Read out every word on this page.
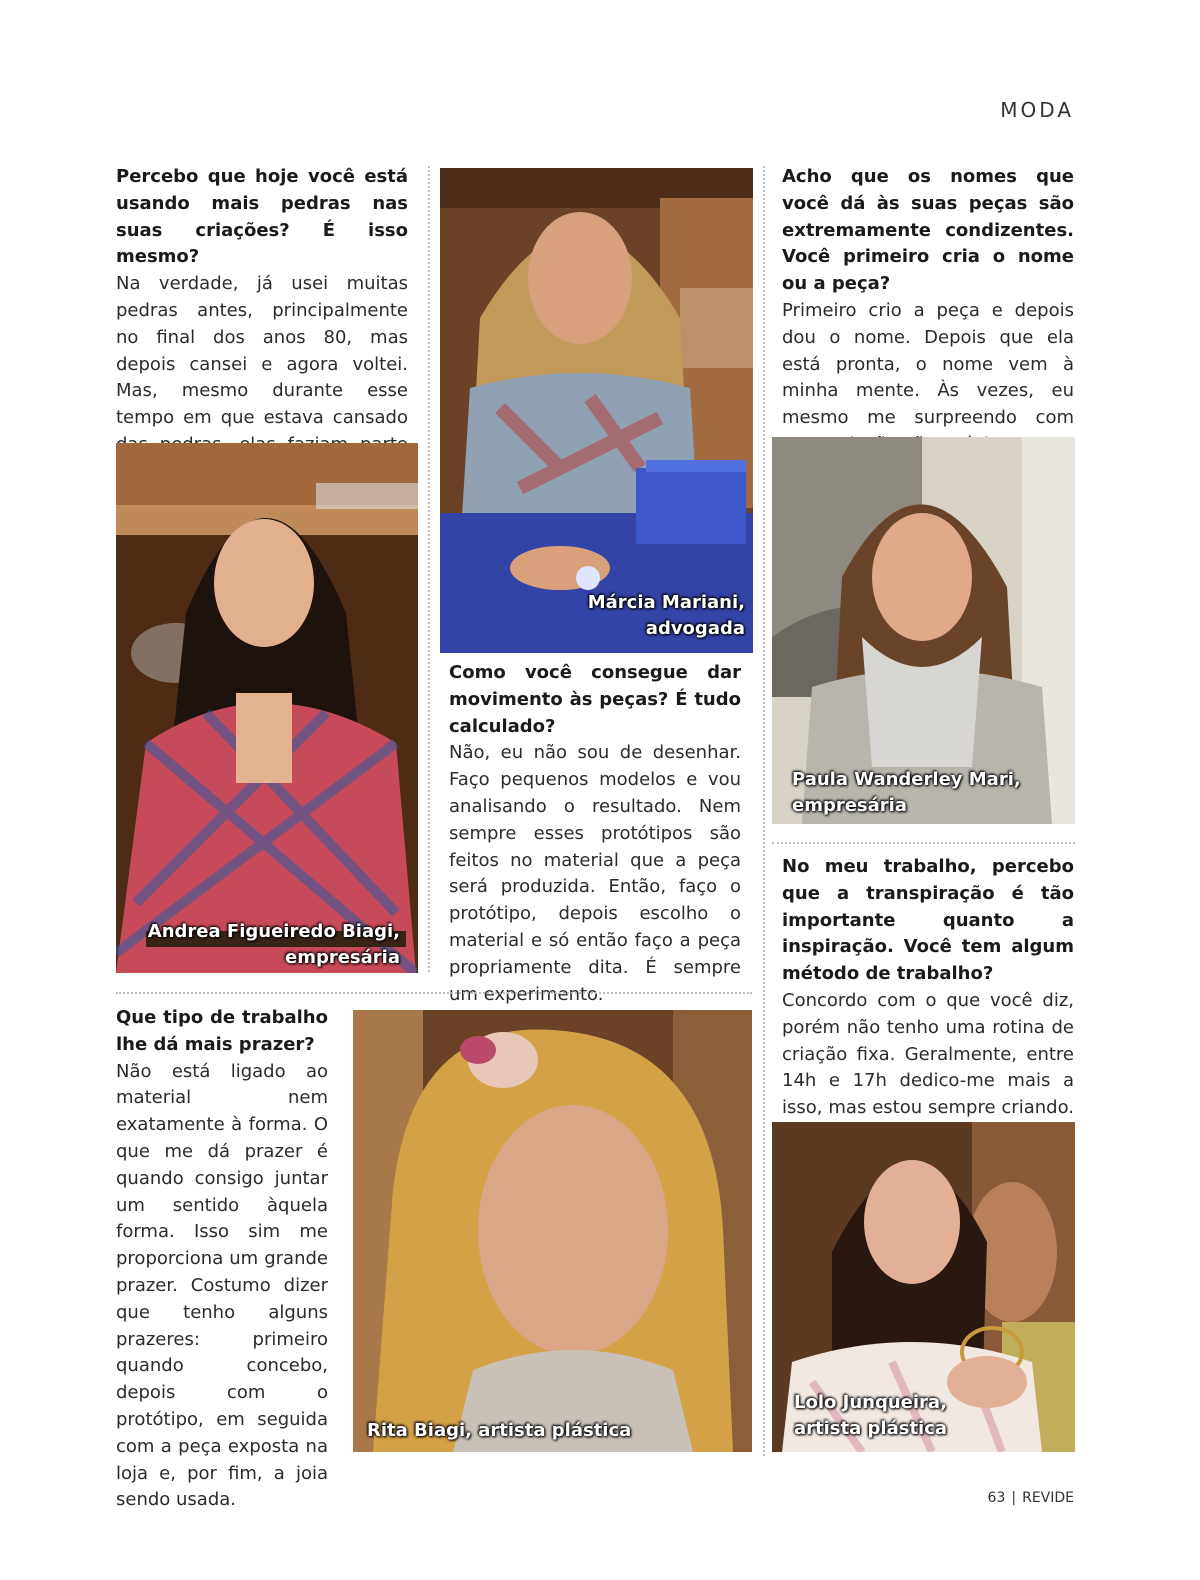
MODA

Percebo que hoje você está usando mais pedras nas suas criações? É isso mesmo?
Na verdade, já usei muitas pedras antes, principalmente no final dos anos 80, mas depois cansei e agora voltei. Mas, mesmo durante esse tempo em que estava cansado

Andrea Figueiredo Biagi,
empresária
Márcia Mariani,
advogada

Como você consegue dar movimento às peças? É tudo calculado?
Não, eu não sou de desenhar. Faço pequenos modelos e vou analisando o resultado. Nem sempre esses protótipos são feitos no material que a peça será produzida. Então, faço o protótipo, depois escolho o material e só então faço a peça propriamente dita. É sempre um experimento.

Acho que os nomes que você dá às suas peças são extremamente condizentes. Você primeiro cria o nome ou a peça?
Primeiro crio a peça e depois dou o nome. Depois que ela está pronta, o nome vem à minha mente. Às vezes, eu mesmo me surpreendo com

Paula Wanderley Mari,
empresária

No meu trabalho, percebo que a transpiração é tão importante quanto a inspiração. Você tem algum método de trabalho?
Concordo com o que você diz, porém não tenho uma rotina de criação fixa. Geralmente, entre 14h e 17h dedico-me mais a isso, mas estou sempre criando.

Lolo Junqueira,
artista plástica

Que tipo de trabalho lhe dá mais prazer?
Não está ligado ao material nem exatamente à forma. O que me dá prazer é quando consigo juntar um sentido àquela forma. Isso sim me proporciona um grande prazer. Costumo dizer que tenho alguns prazeres: primeiro quando concebo, depois com o protótipo, em seguida com a peça exposta na loja e, por fim, a joia sendo usada.

Rita Biagi, artista plástica
63 | REVIDE
